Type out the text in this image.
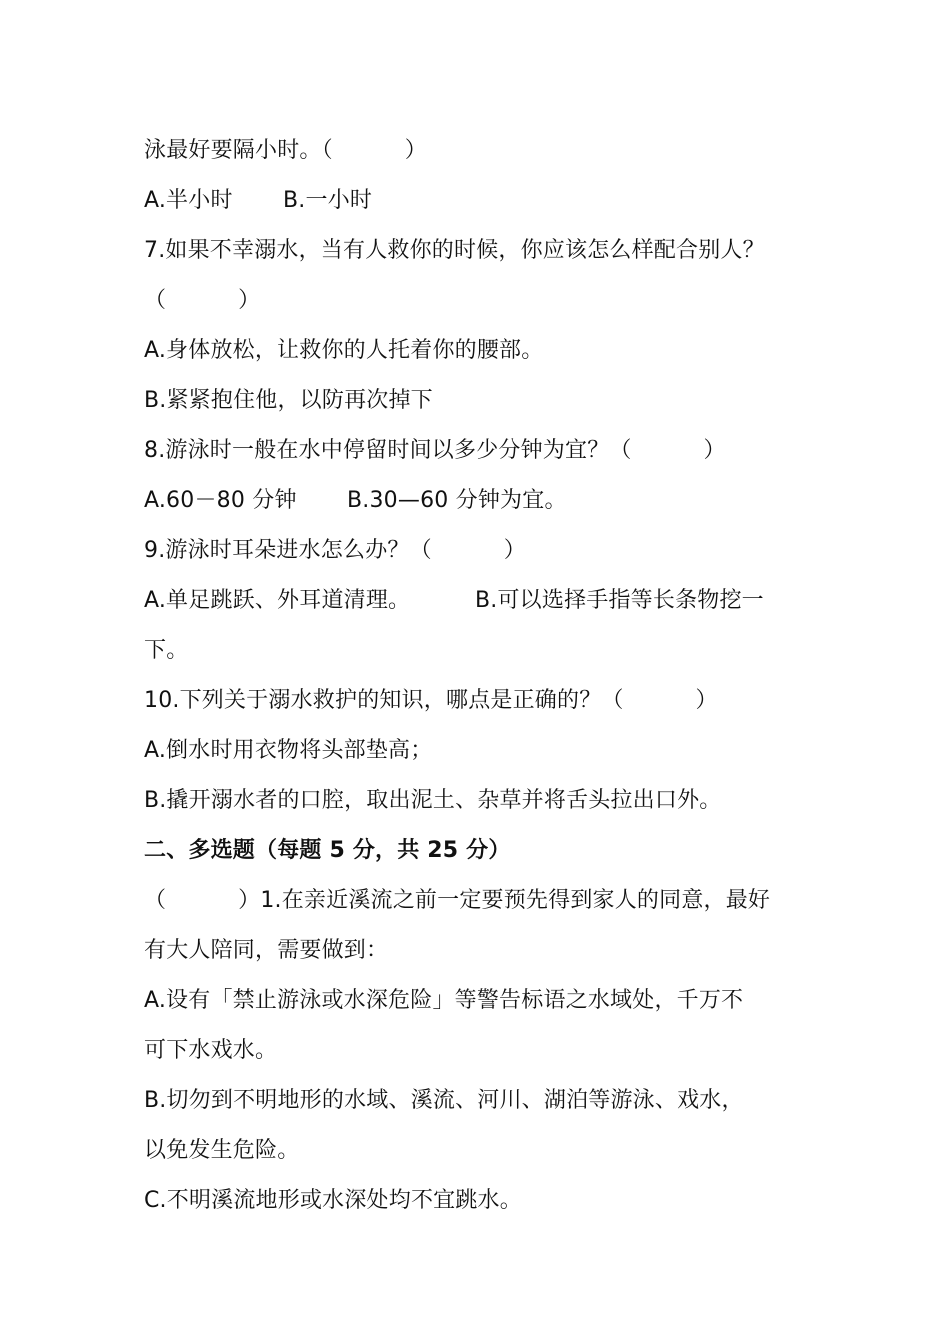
泳最好要隔小时。（          ）
A.半小时       B.一小时
7.如果不幸溺水，当有人救你的时候，你应该怎么样配合别人？
（          ）
A.身体放松，让救你的人托着你的腰部。
B.紧紧抱住他，以防再次掉下
8.游泳时一般在水中停留时间以多少分钟为宜？（          ）
A.60－80 分钟       B.30—60 分钟为宜。
9.游泳时耳朵进水怎么办？（          ）
A.单足跳跃、外耳道清理。         B.可以选择手指等长条物挖一
下。
10.下列关于溺水救护的知识，哪点是正确的？（          ）
A.倒水时用衣物将头部垫高；
B.撬开溺水者的口腔，取出泥土、杂草并将舌头拉出口外。
二、多选题（每题 5 分，共 25 分）
（          ）1.在亲近溪流之前一定要预先得到家人的同意，最好
有大人陪同，需要做到：
A.设有「禁止游泳或水深危险」等警告标语之水域处，千万不
可下水戏水。
B.切勿到不明地形的水域、溪流、河川、湖泊等游泳、戏水，
以免发生危险。
C.不明溪流地形或水深处均不宜跳水。
